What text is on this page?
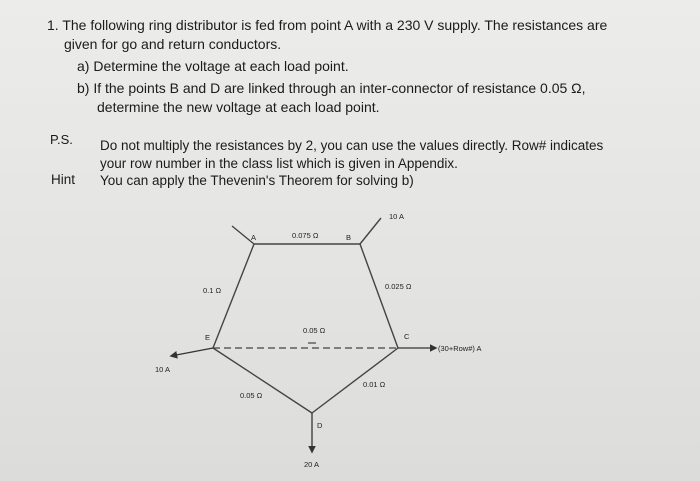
1. The following ring distributor is fed from point A with a 230 V supply. The resistances are
given for go and return conductors.
a) Determine the voltage at each load point.
b) If the points B and D are linked through an inter-connector of resistance 0.05 Ω,
determine the new voltage at each load point.
P.S. Do not multiply the resistances by 2, you can use the values directly. Row# indicates
your row number in the class list which is given in Appendix.
Hint You can apply the Thevenin's Theorem for solving b)
A	B
C
D
E
0.075 Ω
0.025 Ω
0.01 Ω
0.05 Ω
0.1 Ω
0.05 Ω
10 A
(30+Row#) A
20 A
10 A
